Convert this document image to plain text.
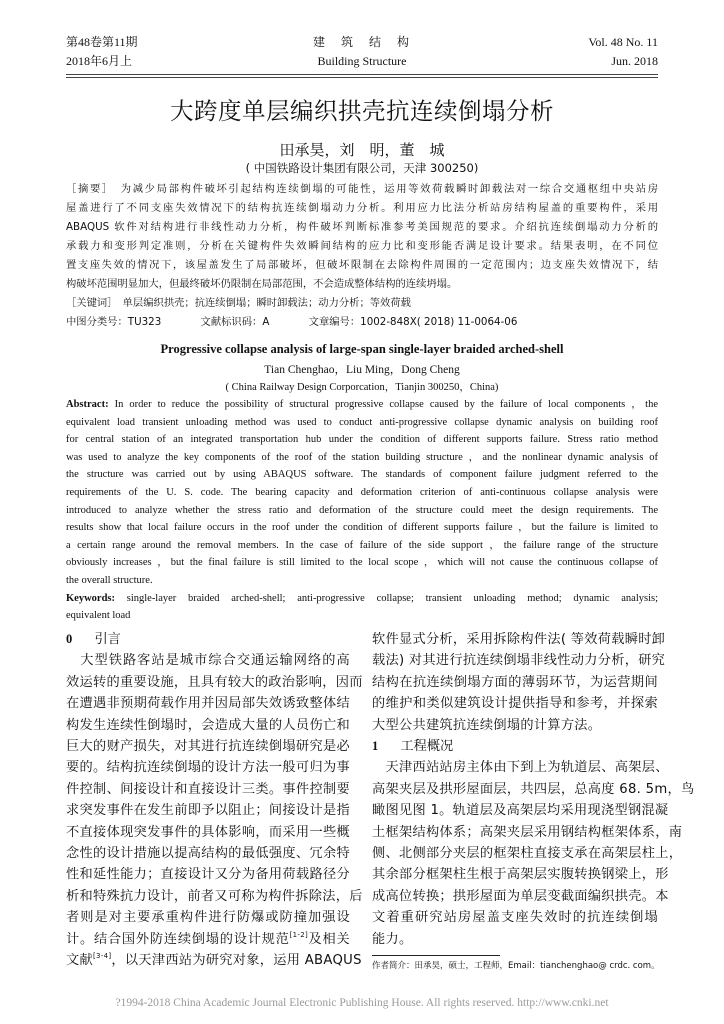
第48卷第11期
2018年6月上
建　筑　结　构
Building Structure
Vol. 48 No. 11
Jun. 2018
大跨度单层编织拱壳抗连续倒塌分析
田承昊，刘　明，董　城
( 中国铁路设计集团有限公司，天津 300250)
［摘要］　为减少局部构件破坏引起结构连续倒塌的可能性，运用等效荷载瞬时卸载法对一综合交通枢纽中央站房
屋盖进行了不同支座失效情况下的结构抗连续倒塌动力分析。利用应力比法分析站房结构屋盖的重要构件，采用
ABAQUS 软件对结构进行非线性动力分析，构件破坏判断标准参考美国规范的要求。介绍抗连续倒塌动力分析的
承载力和变形判定准则，分析在关键构件失效瞬间结构的应力比和变形能否满足设计要求。结果表明，在不同位
置支座失效的情况下，该屋盖发生了局部破坏，但破坏限制在去除构件周围的一定范围内；边支座失效情况下，结
构破坏范围明显加大，但最终破坏仍限制在局部范围，不会造成整体结构的连续坍塌。
［关键词］　单层编织拱壳；抗连续倒塌；瞬时卸载法；动力分析；等效荷载
中图分类号：TU323	文献标识码：A	文章编号：1002-848X( 2018) 11-0064-06
Progressive collapse analysis of large-span single-layer braided arched-shell
Tian Chenghao，Liu Ming，Dong Cheng
( China Railway Design Corporcation，Tianjin 300250，China)
Abstract: In order to reduce the possibility of structural progressive collapse caused by the failure of local components ，the
equivalent load transient unloading method was used to conduct anti-progressive collapse dynamic analysis on building roof
for central station of an integrated transportation hub under the condition of different supports failure. Stress ratio method
was used to analyze the key components of the roof of the station building structure ，and the nonlinear dynamic analysis of
the structure was carried out by using ABAQUS software. The standards of component failure judgment referred to the
requirements of the U. S. code. The bearing capacity and deformation criterion of anti-continuous collapse analysis were
introduced to analyze whether the stress ratio and deformation of the structure could meet the design requirements. The
results show that local failure occurs in the roof under the condition of different supports failure ，but the failure is limited to
a certain range around the removal members. In the case of failure of the side support ，the failure range of the structure
obviously increases ，but the final failure is still limited to the local scope ，which will not cause the continuous collapse of
the overall structure.
Keywords: single-layer braided arched-shell; anti-progressive collapse; transient unloading method; dynamic analysis;
equivalent load
0 引言
　大型铁路客站是城市综合交通运输网络的高
效运转的重要设施，且具有较大的政治影响，因而
在遭遇非预期荷载作用并因局部失效诱致整体结
构发生连续性倒塌时，会造成大量的人员伤亡和
巨大的财产损失，对其进行抗连续倒塌研究是必
要的。结构抗连续倒塌的设计方法一般可归为事
件控制、间接设计和直接设计三类。事件控制要
求突发事件在发生前即予以阻止；间接设计是指
不直接体现突发事件的具体影响，而采用一些概
念性的设计措施以提高结构的最低强度、冗余特
性和延性能力；直接设计又分为备用荷载路径分
析和特殊抗力设计，前者又可称为构件拆除法，后
者则是对主要承重构件进行防爆或防撞加强设
计。结合国外防连续倒塌的设计规范[1-2]及相关
文献[3-4]，以天津西站为研究对象，运用 ABAQUS
软件显式分析，采用拆除构件法( 等效荷载瞬时卸
载法) 对其进行抗连续倒塌非线性动力分析，研究
结构在抗连续倒塌方面的薄弱环节，为运营期间
的维护和类似建筑设计提供指导和参考，并探索
大型公共建筑抗连续倒塌的计算方法。
1 工程概况
　天津西站站房主体由下到上为轨道层、高架层、
高架夹层及拱形屋面层，共四层，总高度 68. 5m，鸟
瞰图见图 1。轨道层及高架层均采用现浇型钢混凝
土框架结构体系；高架夹层采用钢结构框架体系，南
侧、北侧部分夹层的框架柱直接支承在高架层柱上，
其余部分框架柱生根于高架层实腹转换钢梁上，形
成高位转换；拱形屋面为单层变截面编织拱壳。本
文着重研究站房屋盖支座失效时的抗连续倒塌
能力。
作者简介：田承昊，硕士，工程师，Email：tianchenghao@ crdc. com。
?1994-2018 China Academic Journal Electronic Publishing House. All rights reserved. http://www.cnki.net
